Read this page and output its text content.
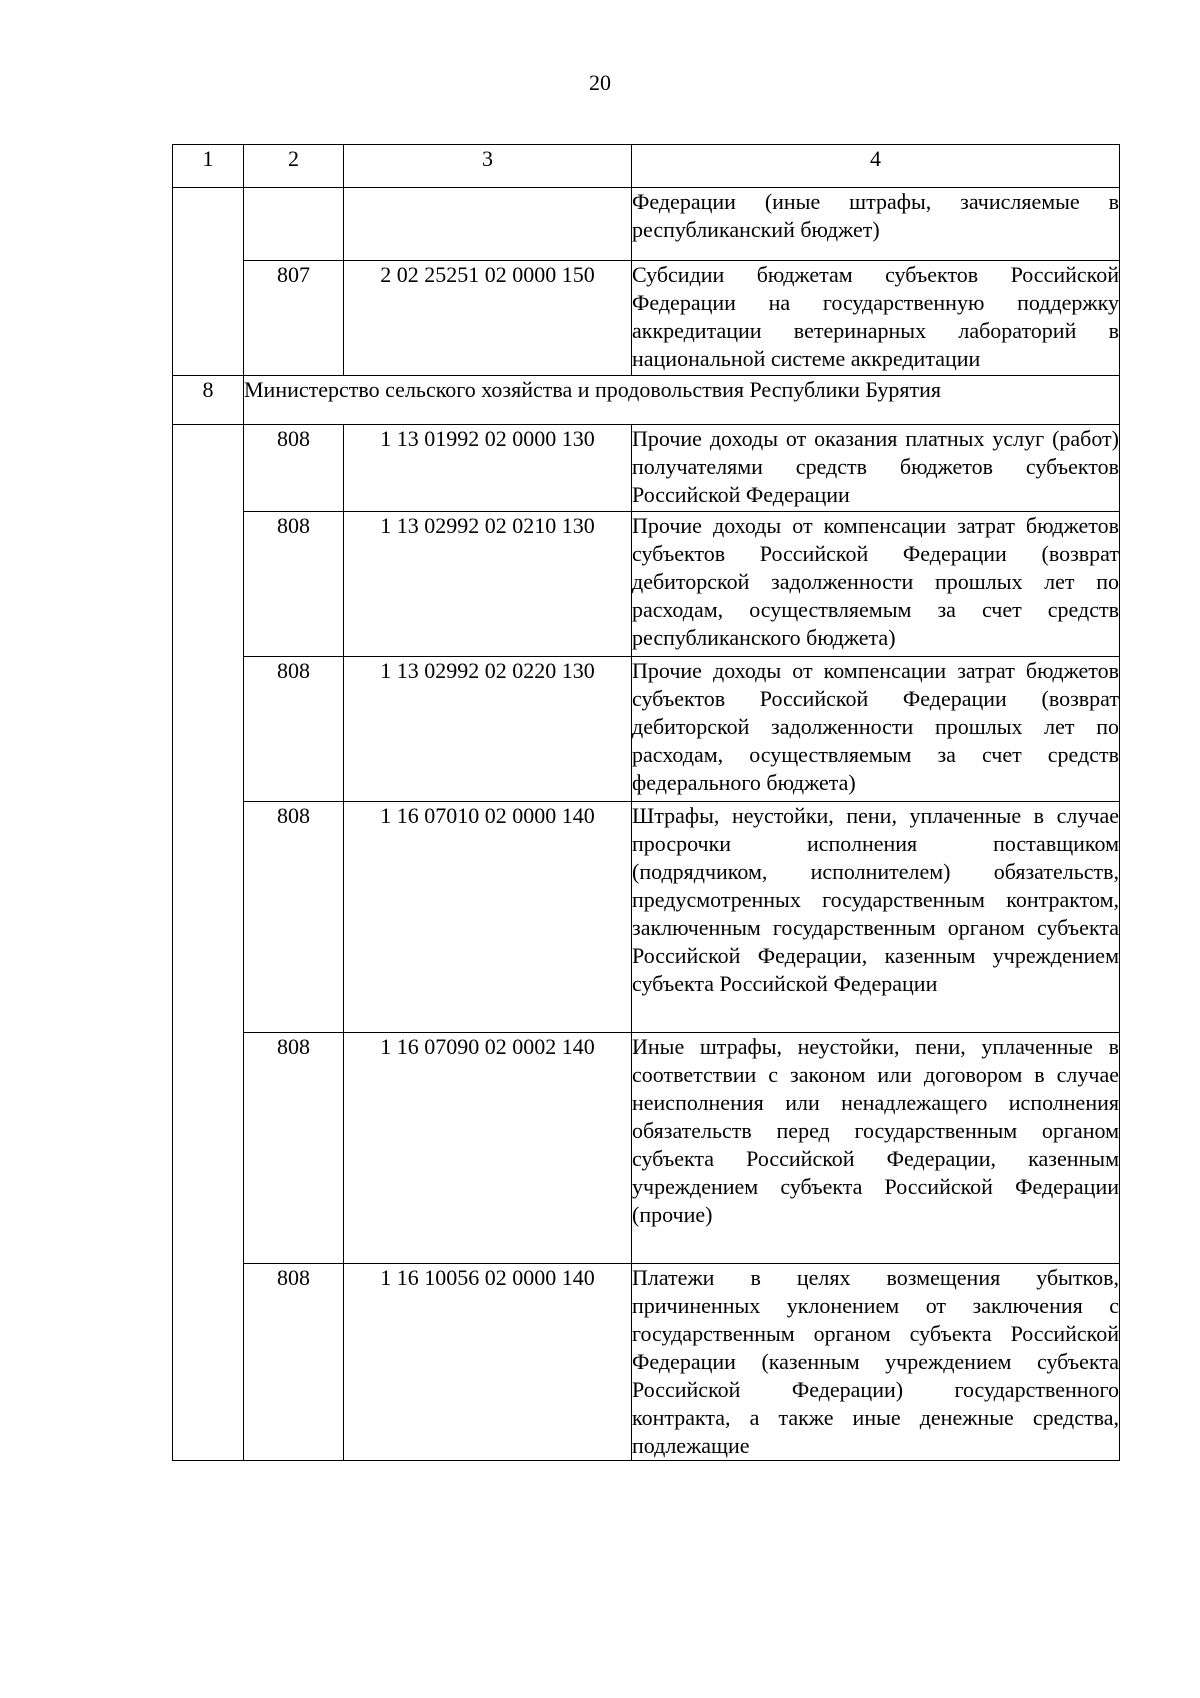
20
1	2	3	4
			Федерации (иные штрафы, зачисляемые в республиканский бюджет)
	807	2 02 25251 02 0000 150	Субсидии бюджетам субъектов Российской Федерации на государственную поддержку аккредитации ветеринарных лабораторий в национальной системе аккредитации
8	Министерство сельского хозяйства и продовольствия Республики Бурятия		
	808	1 13 01992 02 0000 130	Прочие доходы от оказания платных услуг (работ) получателями средств бюджетов субъектов Российской Федерации
	808	1 13 02992 02 0210 130	Прочие доходы от компенсации затрат бюджетов субъектов Российской Федерации (возврат дебиторской задолженности прошлых лет по расходам, осуществляемым за счет средств республиканского бюджета)
	808	1 13 02992 02 0220 130	Прочие доходы от компенсации затрат бюджетов субъектов Российской Федерации (возврат дебиторской задолженности прошлых лет по расходам, осуществляемым за счет средств федерального бюджета)
	808	1 16 07010 02 0000 140	Штрафы, неустойки, пени, уплаченные в случае просрочки исполнения поставщиком (подрядчиком, исполнителем) обязательств, предусмотренных государственным контрактом, заключенным государственным органом субъекта Российской Федерации, казенным учреждением субъекта Российской Федерации
	808	1 16 07090 02 0002 140	Иные штрафы, неустойки, пени, уплаченные в соответствии с законом или договором в случае неисполнения или ненадлежащего исполнения обязательств перед государственным органом субъекта Российской Федерации, казенным учреждением субъекта Российской Федерации (прочие)
	808	1 16 10056 02 0000 140	Платежи в целях возмещения убытков, причиненных уклонением от заключения с государственным органом субъекта Российской Федерации (казенным учреждением субъекта Российской Федерации) государственного контракта, а также иные денежные средства, подлежащие
